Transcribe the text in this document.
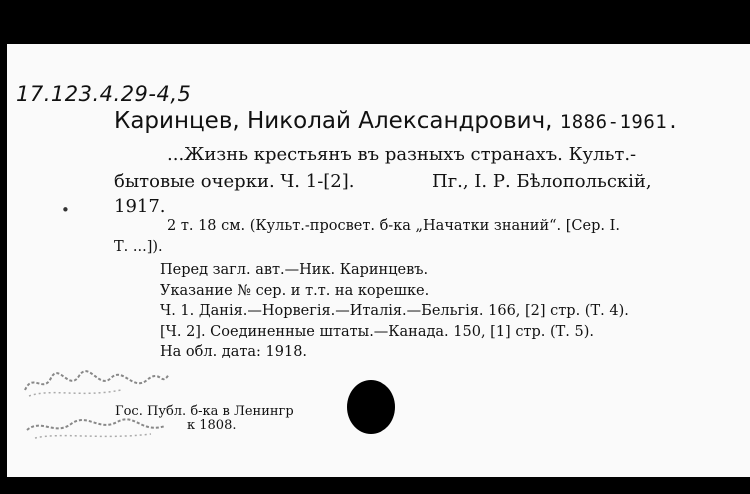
17.123.4.29-4,5
Каринцев, Николай Александрович, 1886-1961.
...Жизнь крестьянъ въ разныхъ странахъ. Культ.-
бытовые очерки. Ч. 1-[2].	Пг., І. Р. Бѣлопольскій,
1917.
•
2 т. 18 см. (Культ.-просвет. б-ка „Начатки знаний“. [Сер. I.
Т. ...]).
Перед загл. авт.—Ник. Каринцевъ.
Указание № сер. и т.т. на корешке.
Ч. 1. Данія.—Норвегія.—Италія.—Бельгія. 166, [2] стр. (Т. 4).
[Ч. 2]. Соединенные штаты.—Канада. 150, [1] стр. (Т. 5).
На обл. дата: 1918.
Гос. Публ. б-ка в Ленингр
к 1808.
